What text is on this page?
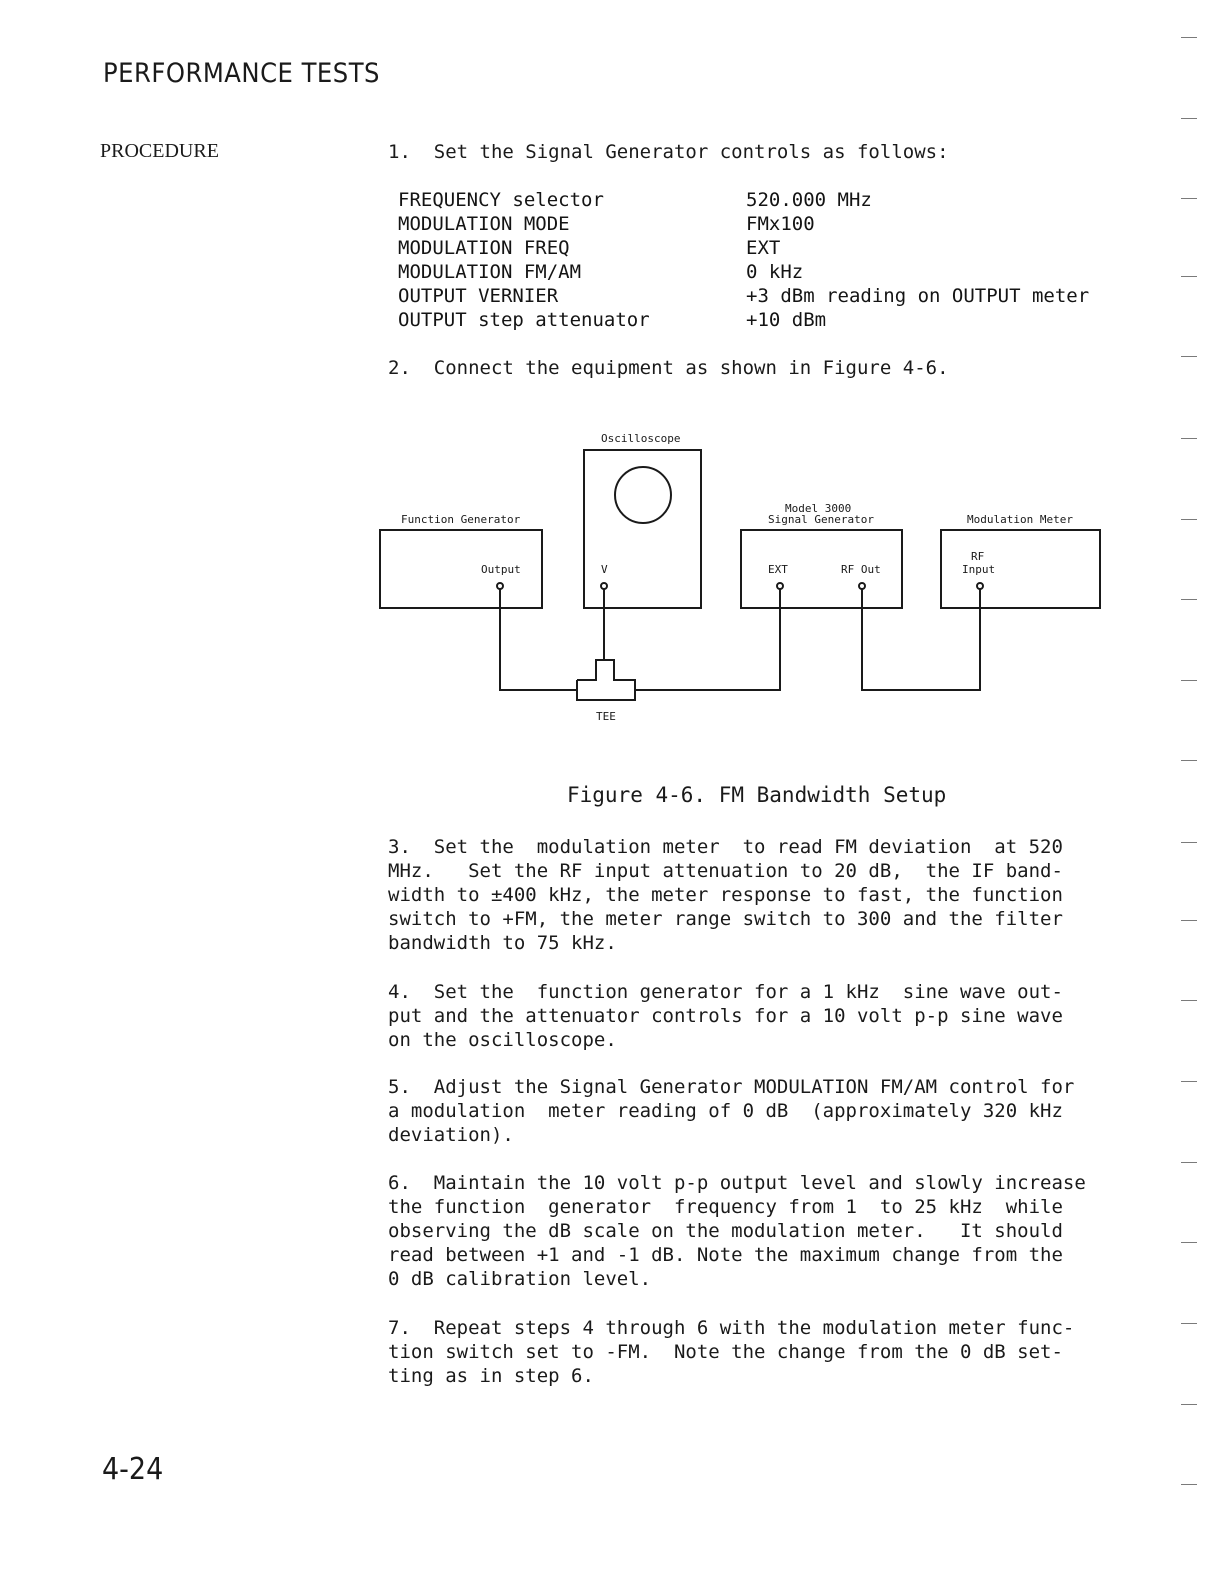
PERFORMANCE TESTS
PROCEDURE	1.  Set the Signal Generator controls as follows:
FREQUENCY selector	520.000 MHz
MODULATION MODE	FMx100
MODULATION FREQ	EXT
MODULATION FM/AM	0 kHz
OUTPUT VERNIER	+3 dBm reading on OUTPUT meter
OUTPUT step attenuator	+10 dBm
2.  Connect the equipment as shown in Figure 4-6.
Oscilloscope
Function Generator
Output	V
Model 3000
Signal Generator
EXT	RF Out
Modulation Meter
RF
Input
TEE
Figure 4-6. FM Bandwidth Setup
3.  Set the  modulation meter  to read FM deviation  at 520
MHz.   Set the RF input attenuation to 20 dB,  the IF band-
width to ±400 kHz, the meter response to fast, the function
switch to +FM, the meter range switch to 300 and the filter
bandwidth to 75 kHz.
4.  Set the  function generator for a 1 kHz  sine wave out-
put and the attenuator controls for a 10 volt p-p sine wave
on the oscilloscope.
5.  Adjust the Signal Generator MODULATION FM/AM control for
a modulation  meter reading of 0 dB  (approximately 320 kHz
deviation).
6.  Maintain the 10 volt p-p output level and slowly increase
the function  generator  frequency from 1  to 25 kHz  while
observing the dB scale on the modulation meter.   It should
read between +1 and -1 dB. Note the maximum change from the
0 dB calibration level.
7.  Repeat steps 4 through 6 with the modulation meter func-
tion switch set to -FM.  Note the change from the 0 dB set-
ting as in step 6.
4-24
